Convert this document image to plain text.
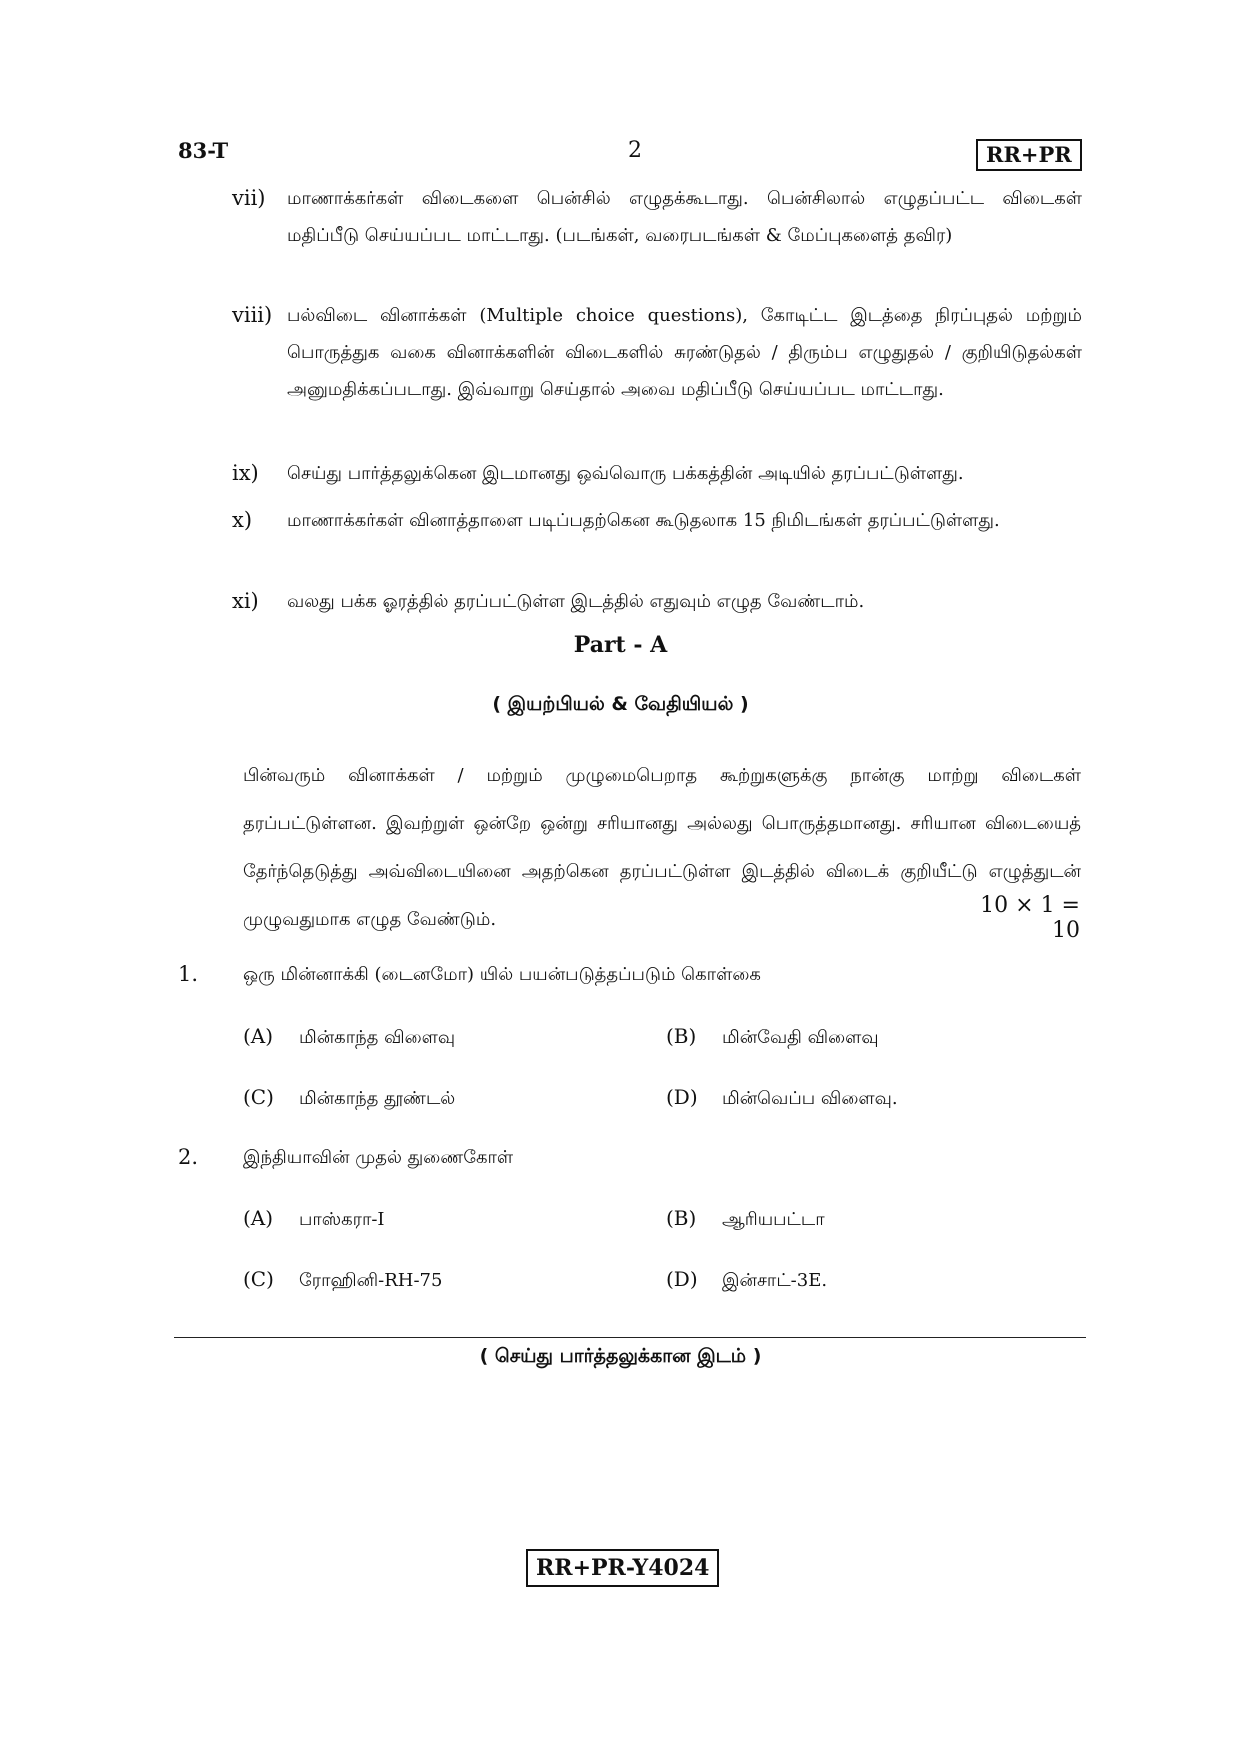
83-T	2	RR+PR
vii) மாணாக்கர்கள் விடைகளை பென்சில் எழுதக்கூடாது. பென்சிலால் எழுதப்பட்ட விடைகள் மதிப்பீடு செய்யப்பட மாட்டாது. (படங்கள், வரைபடங்கள் & மேப்புகளைத் தவிர)
viii) பல்விடை வினாக்கள் (Multiple choice questions), கோடிட்ட இடத்தை நிரப்புதல் மற்றும் பொருத்துக வகை வினாக்களின் விடைகளில் சுரண்டுதல் / திரும்ப எழுதுதல் / குறியிடுதல்கள் அனுமதிக்கப்படாது. இவ்வாறு செய்தால் அவை மதிப்பீடு செய்யப்பட மாட்டாது.
ix) செய்து பார்த்தலுக்கென இடமானது ஒவ்வொரு பக்கத்தின் அடியில் தரப்பட்டுள்ளது.
x) மாணாக்கர்கள் வினாத்தாளை படிப்பதற்கென கூடுதலாக 15 நிமிடங்கள் தரப்பட்டுள்ளது.
xi) வலது பக்க ஓரத்தில் தரப்பட்டுள்ள இடத்தில் எதுவும் எழுத வேண்டாம்.
Part - A
( இயற்பியல் & வேதியியல் )
பின்வரும் வினாக்கள் / மற்றும் முழுமைபெறாத கூற்றுகளுக்கு நான்கு மாற்று விடைகள் தரப்பட்டுள்ளன. இவற்றுள் ஒன்றே ஒன்று சரியானது அல்லது பொருத்தமானது. சரியான விடையைத் தேர்ந்தெடுத்து அவ்விடையினை அதற்கென தரப்பட்டுள்ள இடத்தில் விடைக் குறியீட்டு எழுத்துடன் முழுவதுமாக எழுத வேண்டும்.
10 × 1 = 10
1. ஒரு மின்னாக்கி (டைனமோ) யில் பயன்படுத்தப்படும் கொள்கை
(A) மின்காந்த விளைவு	(B) மின்வேதி விளைவு
(C) மின்காந்த தூண்டல்	(D) மின்வெப்ப விளைவு.
2. இந்தியாவின் முதல் துணைகோள்
(A) பாஸ்கரா-I	(B) ஆரியபட்டா
(C) ரோஹினி-RH-75	(D) இன்சாட்-3E.
( செய்து பார்த்தலுக்கான இடம் )
RR+PR-Y4024
